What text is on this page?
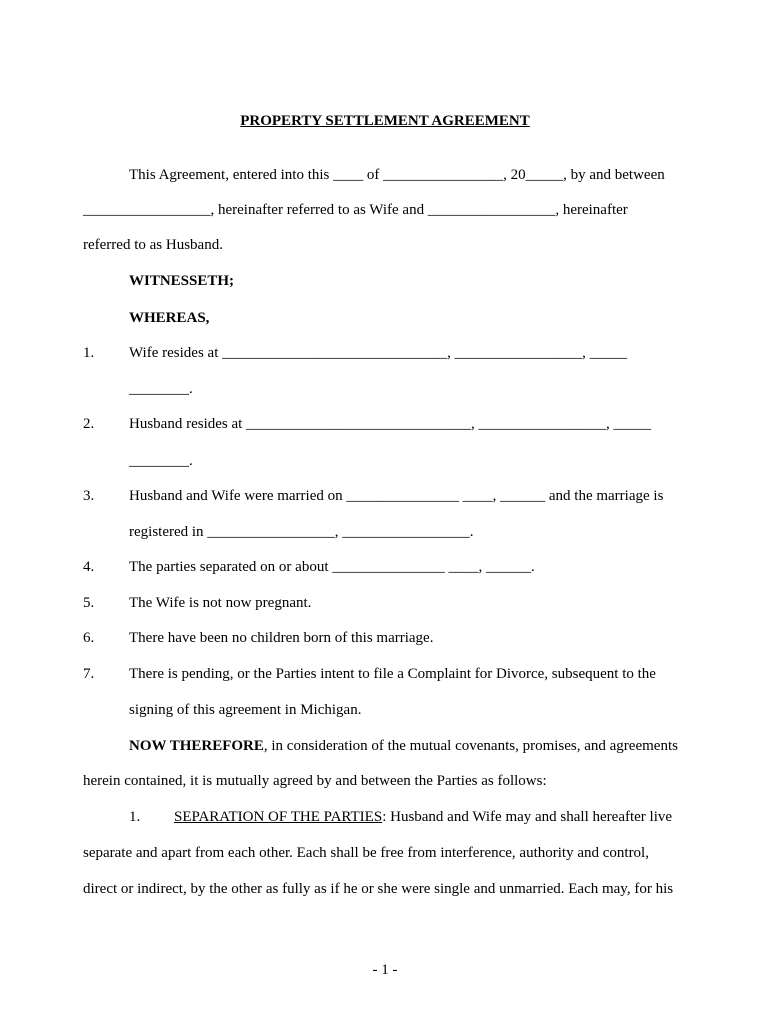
PROPERTY SETTLEMENT AGREEMENT
This Agreement, entered into this ____ of ________________, 20_____, by and between
_________________, hereinafter referred to as Wife and _________________, hereinafter
referred to as Husband.
WITNESSETH;
WHEREAS,
1. Wife resides at ______________________________, _________________, _____
________.
2. Husband resides at ______________________________, _________________, _____
________.
3. Husband and Wife were married on _______________ ____, ______ and the marriage is
registered in _________________, _________________.
4. The parties separated on or about _______________ ____, ______.
5. The Wife is not now pregnant.
6. There have been no children born of this marriage.
7. There is pending, or the Parties intent to file a Complaint for Divorce, subsequent to the
signing of this agreement in Michigan.
NOW THEREFORE, in consideration of the mutual covenants, promises, and agreements
herein contained, it is mutually agreed by and between the Parties as follows:
1. SEPARATION OF THE PARTIES: Husband and Wife may and shall hereafter live
separate and apart from each other. Each shall be free from interference, authority and control,
direct or indirect, by the other as fully as if he or she were single and unmarried. Each may, for his
- 1 -
